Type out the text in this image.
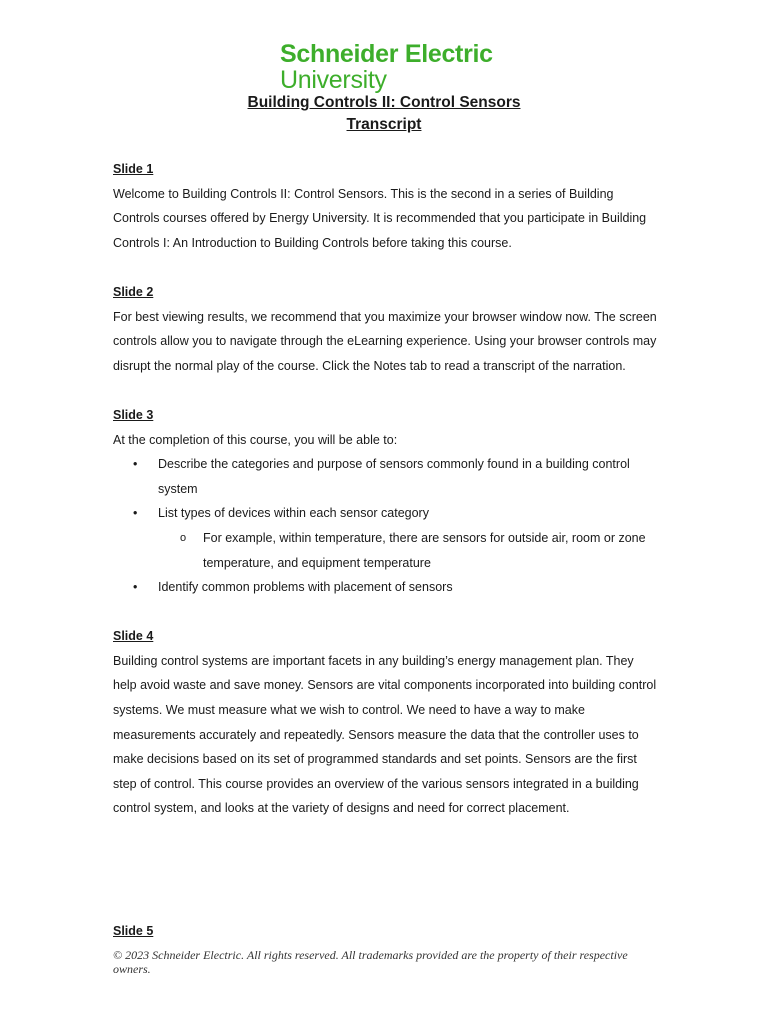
Schneider Electric
University
Building Controls II: Control Sensors
Transcript

Slide 1

Welcome to Building Controls II: Control Sensors. This is the second in a series of Building Controls courses offered by Energy University. It is recommended that you participate in Building Controls I: An Introduction to Building Controls before taking this course.

Slide 2

For best viewing results, we recommend that you maximize your browser window now. The screen controls allow you to navigate through the eLearning experience. Using your browser controls may disrupt the normal play of the course. Click the Notes tab to read a transcript of the narration.

Slide 3

At the completion of this course, you will be able to:

• Describe the categories and purpose of sensors commonly found in a building control system
• List types of devices within each sensor category
o For example, within temperature, there are sensors for outside air, room or zone temperature, and equipment temperature
• Identify common problems with placement of sensors

Slide 4

Building control systems are important facets in any building’s energy management plan. They help avoid waste and save money. Sensors are vital components incorporated into building control systems. We must measure what we wish to control. We need to have a way to make measurements accurately and repeatedly. Sensors measure the data that the controller uses to make decisions based on its set of programmed standards and set points. Sensors are the first step of control. This course provides an overview of the various sensors integrated in a building control system, and looks at the variety of designs and need for correct placement.

Slide 5

© 2023 Schneider Electric. All rights reserved. All trademarks provided are the property of their respective owners.
